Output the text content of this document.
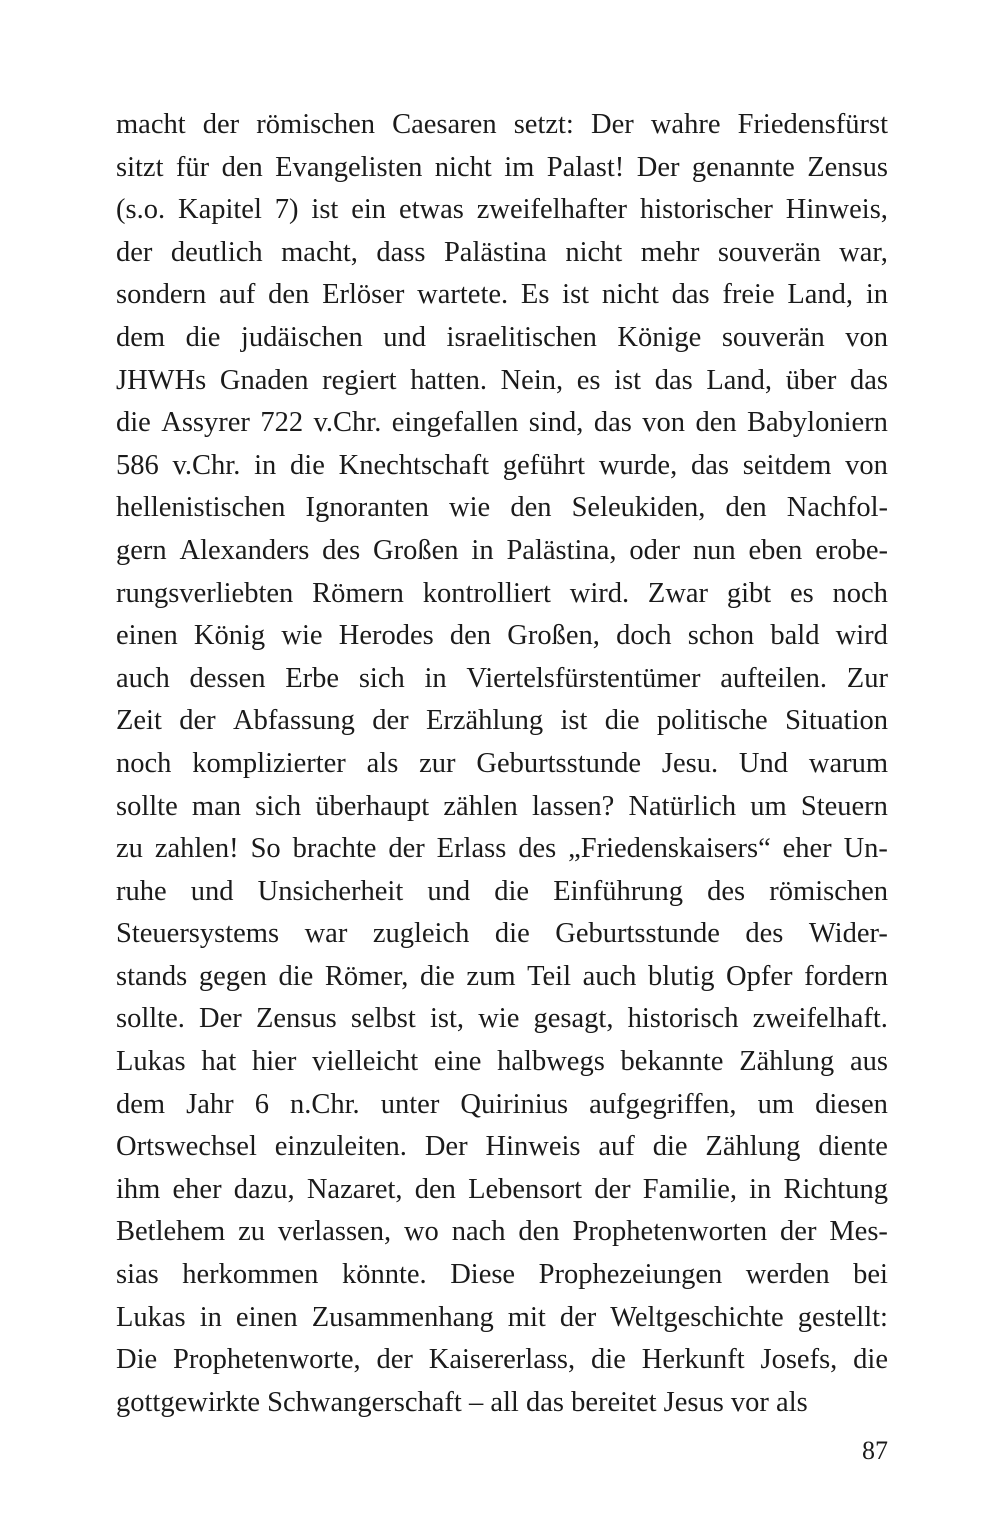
macht der römischen Caesaren setzt: Der wahre Friedensfürst
sitzt für den Evangelisten nicht im Palast! Der genannte Zensus
(s.o. Kapitel 7) ist ein etwas zweifelhafter historischer Hinweis,
der deutlich macht, dass Palästina nicht mehr souverän war,
sondern auf den Erlöser wartete. Es ist nicht das freie Land, in
dem die judäischen und israelitischen Könige souverän von
JHWHs Gnaden regiert hatten. Nein, es ist das Land, über das
die Assyrer 722 v.Chr. eingefallen sind, das von den Babyloniern
586 v.Chr. in die Knechtschaft geführt wurde, das seitdem von
hellenistischen Ignoranten wie den Seleukiden, den Nachfol-
gern Alexanders des Großen in Palästina, oder nun eben erobe-
rungsverliebten Römern kontrolliert wird. Zwar gibt es noch
einen König wie Herodes den Großen, doch schon bald wird
auch dessen Erbe sich in Viertelsfürstentümer aufteilen. Zur
Zeit der Abfassung der Erzählung ist die politische Situation
noch komplizierter als zur Geburtsstunde Jesu. Und warum
sollte man sich überhaupt zählen lassen? Natürlich um Steuern
zu zahlen! So brachte der Erlass des „Friedenskaisers“ eher Un-
ruhe und Unsicherheit und die Einführung des römischen
Steuersystems war zugleich die Geburtsstunde des Wider-
stands gegen die Römer, die zum Teil auch blutig Opfer fordern
sollte. Der Zensus selbst ist, wie gesagt, historisch zweifelhaft.
Lukas hat hier vielleicht eine halbwegs bekannte Zählung aus
dem Jahr 6 n.Chr. unter Quirinius aufgegriffen, um diesen
Ortswechsel einzuleiten. Der Hinweis auf die Zählung diente
ihm eher dazu, Nazaret, den Lebensort der Familie, in Richtung
Betlehem zu verlassen, wo nach den Prophetenworten der Mes-
sias herkommen könnte. Diese Prophezeiungen werden bei
Lukas in einen Zusammenhang mit der Weltgeschichte gestellt:
Die Prophetenworte, der Kaisererlass, die Herkunft Josefs, die
gottgewirkte Schwangerschaft – all das bereitet Jesus vor als
87
